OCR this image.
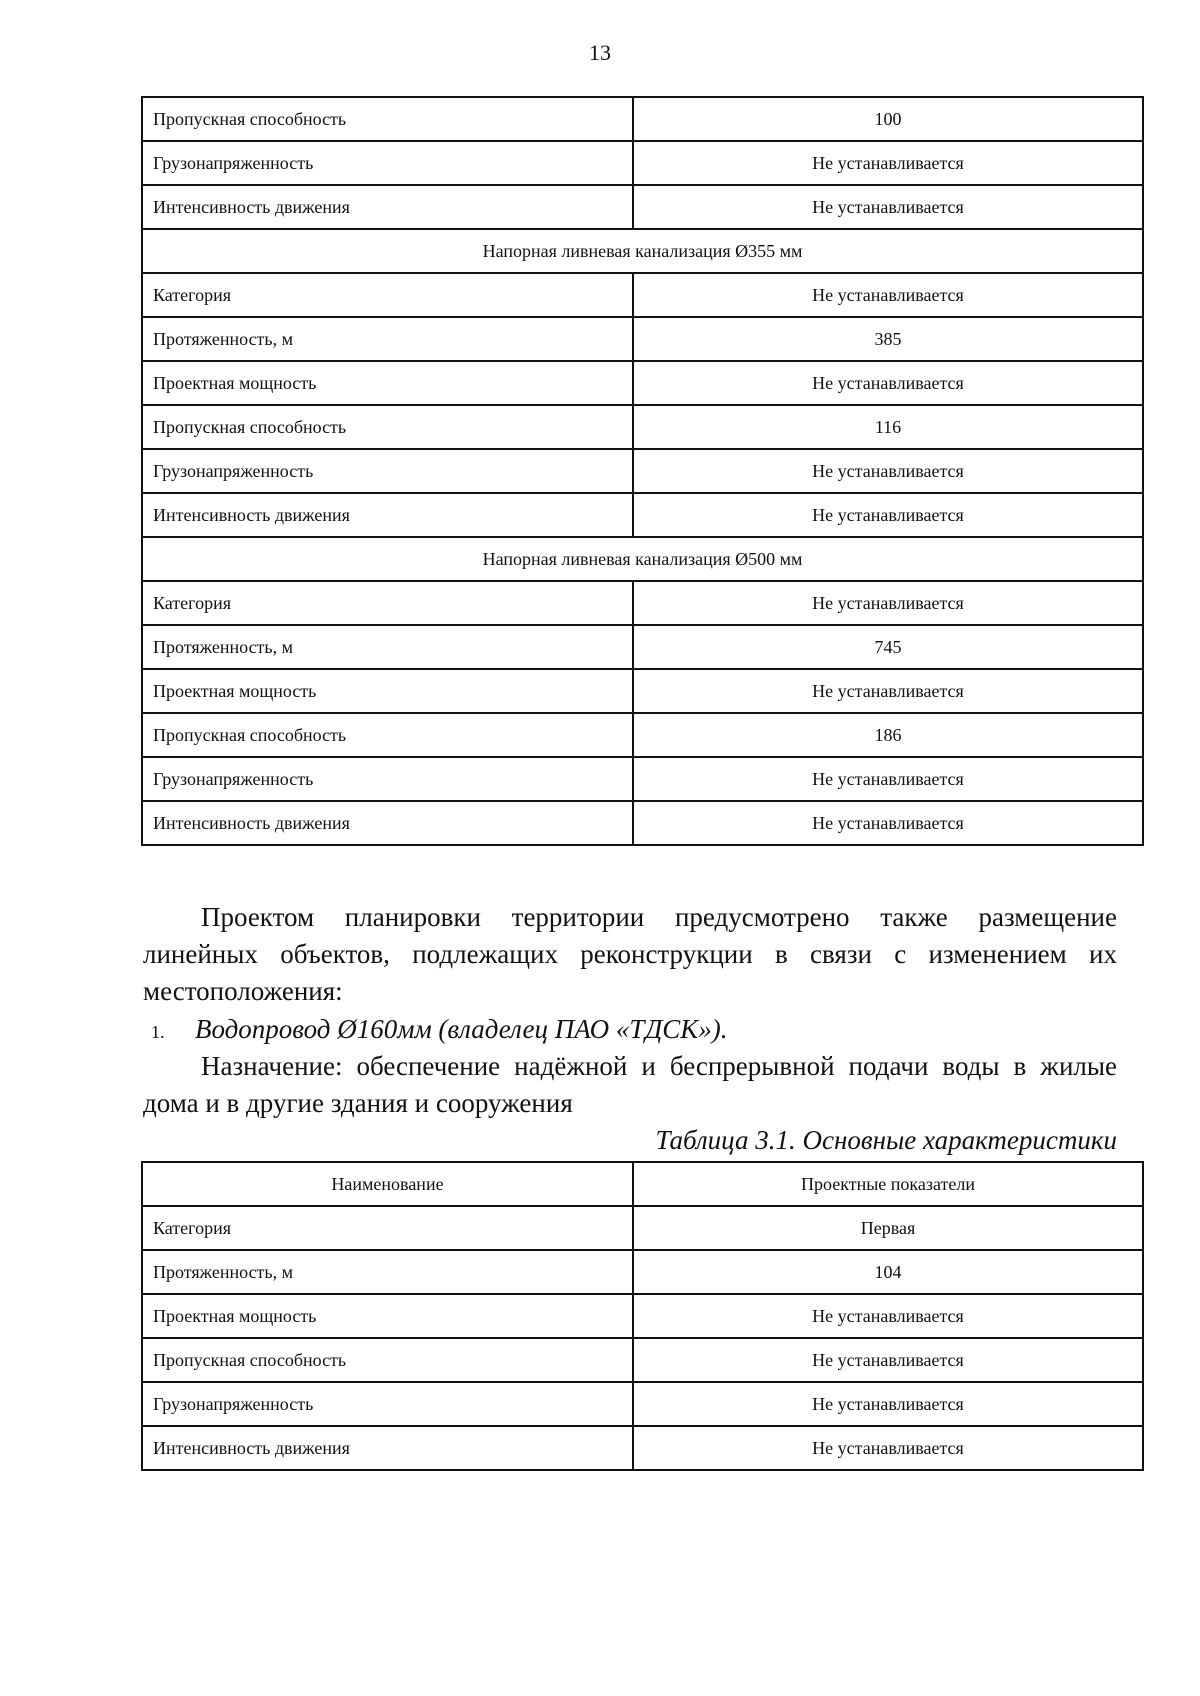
13
Пропускная способность	100
Грузонапряженность	Не устанавливается
Интенсивность движения	Не устанавливается
Напорная ливневая канализация Ø355 мм	
Категория	Не устанавливается
Протяженность, м	385
Проектная мощность	Не устанавливается
Пропускная способность	116
Грузонапряженность	Не устанавливается
Интенсивность движения	Не устанавливается
Напорная ливневая канализация Ø500 мм	
Категория	Не устанавливается
Протяженность, м	745
Проектная мощность	Не устанавливается
Пропускная способность	186
Грузонапряженность	Не устанавливается
Интенсивность движения	Не устанавливается
Проектом планировки территории предусмотрено также размещение линейных объектов, подлежащих реконструкции в связи с изменением их местоположения:
1. Водопровод Ø160мм (владелец ПАО «ТДСК»).
Назначение: обеспечение надёжной и беспрерывной подачи воды в жилые дома и в другие здания и сооружения
Таблица 3.1. Основные характеристики
Наименование	Проектные показатели
Категория	Первая
Протяженность, м	104
Проектная мощность	Не устанавливается
Пропускная способность	Не устанавливается
Грузонапряженность	Не устанавливается
Интенсивность движения	Не устанавливается
